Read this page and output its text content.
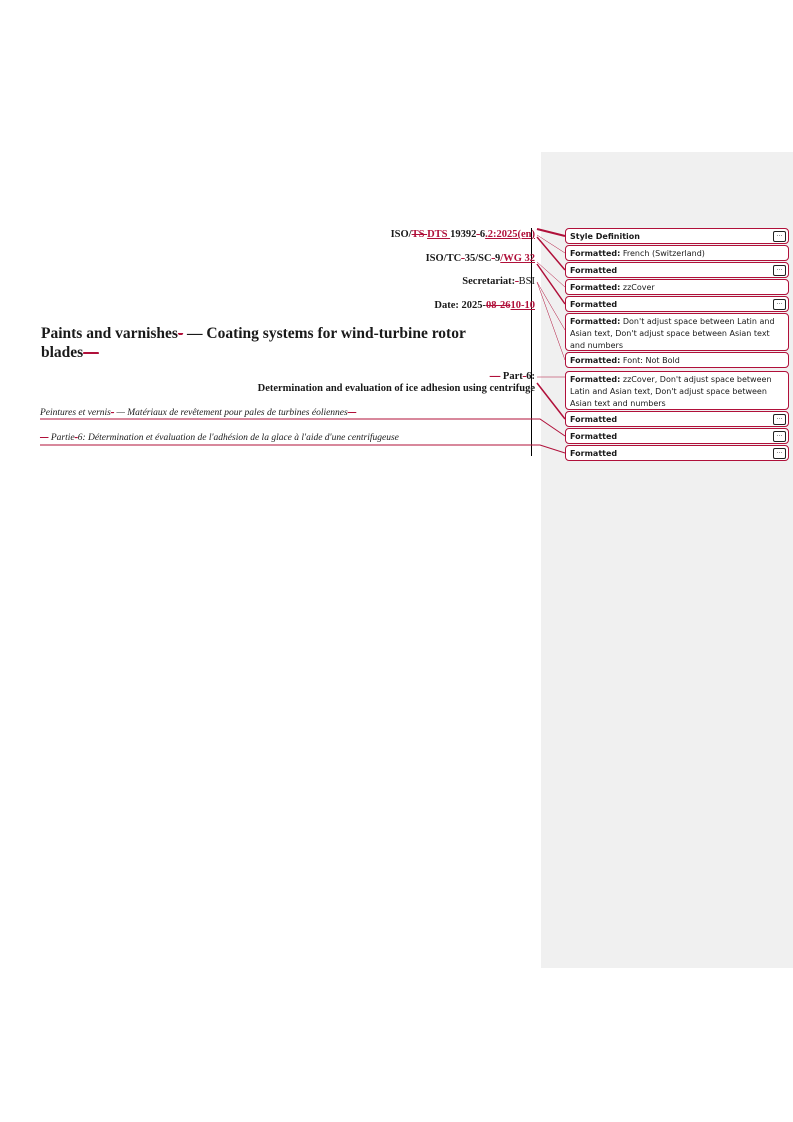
ISO/TS DTS 19392-6.2:2025(en)
ISO/TC-35/SC-9/WG 32
Secretariat:-BSI
Date: 2025-08-2610-10
Paints and varnishes- — Coating systems for wind-turbine rotor blades—
— Part-6:
Determination and evaluation of ice adhesion using centrifuge
Peintures et vernis- — Matériaux de revêtement pour pales de turbines éoliennes—
— Partie-6: Détermination et évaluation de l'adhésion de la glace à l'aide d'une centrifugeuse
Style Definition	...
Formatted: French (Switzerland)
Formatted	...
Formatted: zzCover
Formatted	...
Formatted: Don't adjust space between Latin and Asian text, Don't adjust space between Asian text and numbers
Formatted: Font: Not Bold
Formatted: zzCover, Don't adjust space between Latin and Asian text, Don't adjust space between Asian text and numbers
Formatted	...
Formatted	...
Formatted	...
